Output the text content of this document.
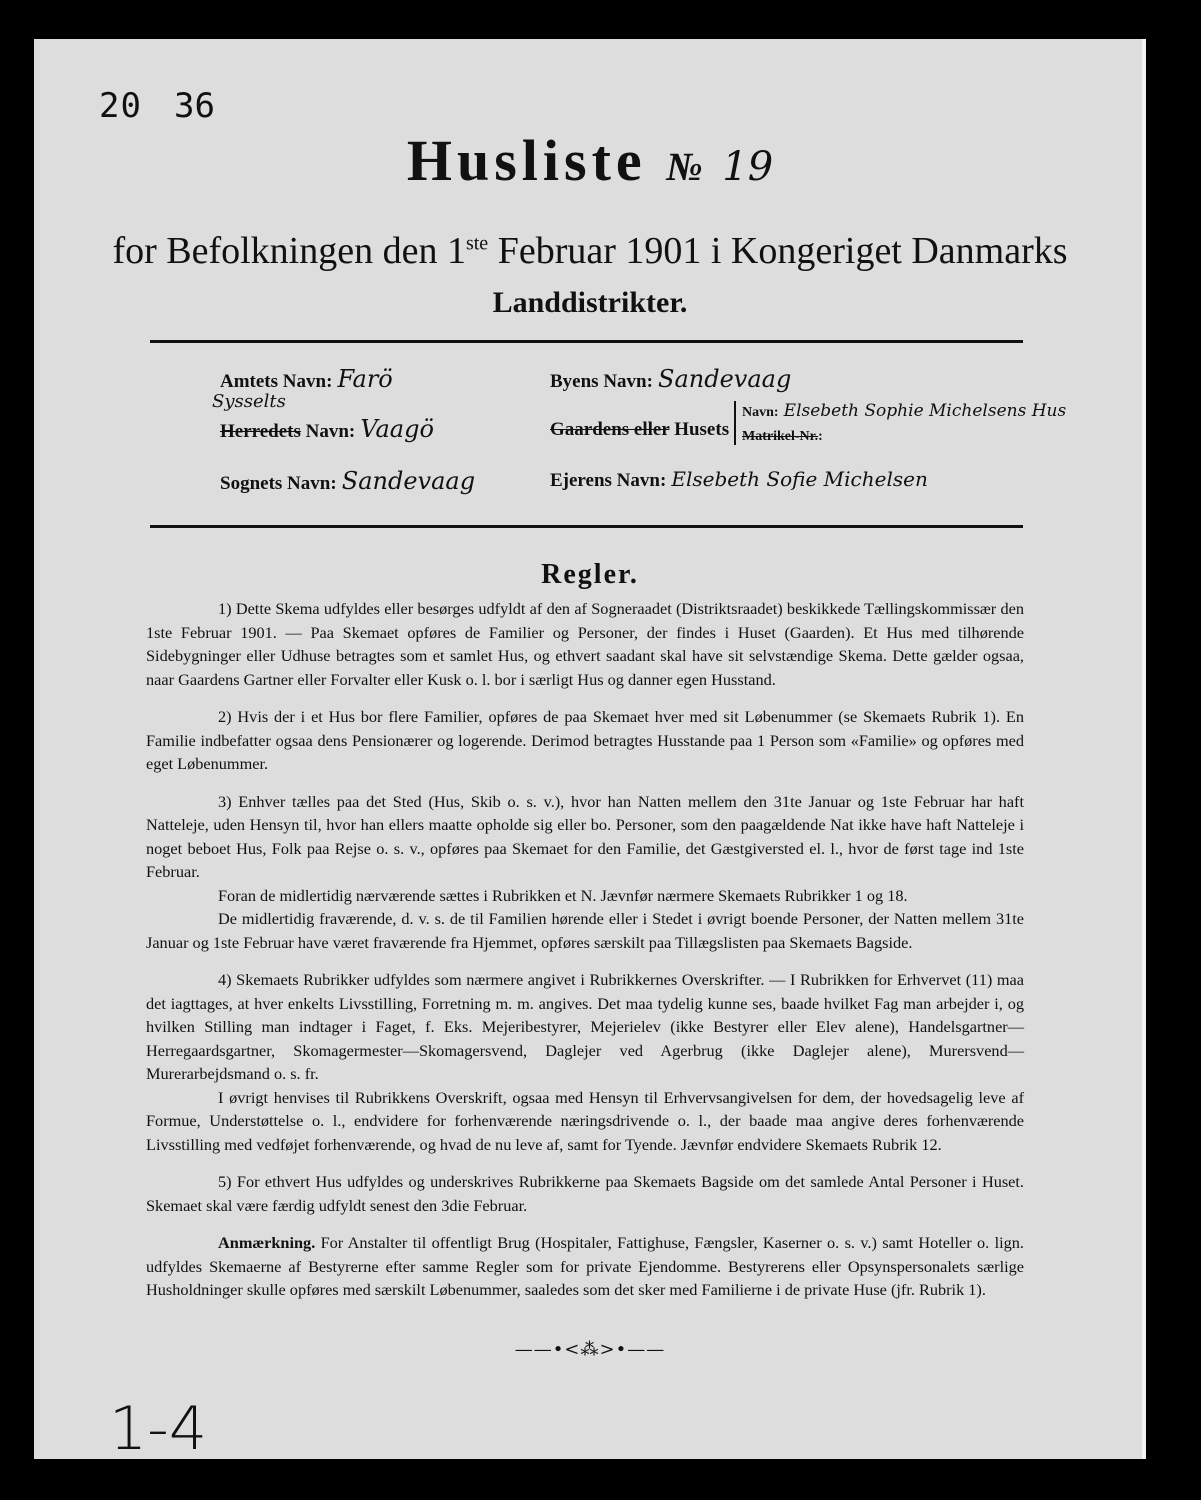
20 36
Husliste № 19
for Befolkningen den 1ste Februar 1901 i Kongeriget Danmarks
Landdistrikter.
Amtets Navn: Farö
Sysselts
Herredets Navn: Vaagö
Sognets Navn: Sandevaag
Byens Navn: Sandevaag
Gaardens eller Husets
Navn: Elsebeth Sophie Michelsens Hus
Matrikel-Nr.:
Ejerens Navn: Elsebeth Sofie Michelsen
Regler.

1) Dette Skema udfyldes eller besørges udfyldt af den af Sogneraadet (Distriktsraadet) beskikkede Tællingskommissær den 1ste Februar 1901. — Paa Skemaet opføres de Familier og Personer, der findes i Huset (Gaarden). Et Hus med tilhørende Sidebygninger eller Udhuse betragtes som et samlet Hus, og ethvert saadant skal have sit selvstændige Skema. Dette gælder ogsaa, naar Gaardens Gartner eller Forvalter eller Kusk o. l. bor i særligt Hus og danner egen Husstand.

2) Hvis der i et Hus bor flere Familier, opføres de paa Skemaet hver med sit Løbenummer (se Skemaets Rubrik 1). En Familie indbefatter ogsaa dens Pensionærer og logerende. Derimod betragtes Husstande paa 1 Person som «Familie» og opføres med eget Løbenummer.

3) Enhver tælles paa det Sted (Hus, Skib o. s. v.), hvor han Natten mellem den 31te Januar og 1ste Februar har haft Natteleje, uden Hensyn til, hvor han ellers maatte opholde sig eller bo. Personer, som den paagældende Nat ikke have haft Natteleje i noget beboet Hus, Folk paa Rejse o. s. v., opføres paa Skemaet for den Familie, det Gæstgiversted el. l., hvor de først tage ind 1ste Februar.

Foran de midlertidig nærværende sættes i Rubrikken et N. Jævnfør nærmere Skemaets Rubrikker 1 og 18.

De midlertidig fraværende, d. v. s. de til Familien hørende eller i Stedet i øvrigt boende Personer, der Natten mellem 31te Januar og 1ste Februar have været fraværende fra Hjemmet, opføres særskilt paa Tillægslisten paa Skemaets Bagside.

4) Skemaets Rubrikker udfyldes som nærmere angivet i Rubrikkernes Overskrifter. — I Rubrikken for Erhvervet (11) maa det iagttages, at hver enkelts Livsstilling, Forretning m. m. angives. Det maa tydelig kunne ses, baade hvilket Fag man arbejder i, og hvilken Stilling man indtager i Faget, f. Eks. Mejeribestyrer, Mejerielev (ikke Bestyrer eller Elev alene), Handelsgartner—Herregaardsgartner, Skomagermester—Skomagersvend, Daglejer ved Agerbrug (ikke Daglejer alene), Murersvend—Murerarbejdsmand o. s. fr.

I øvrigt henvises til Rubrikkens Overskrift, ogsaa med Hensyn til Erhvervsangivelsen for dem, der hovedsagelig leve af Formue, Understøttelse o. l., endvidere for forhenværende næringsdrivende o. l., der baade maa angive deres forhenværende Livsstilling med vedføjet forhenværende, og hvad de nu leve af, samt for Tyende. Jævnfør endvidere Skemaets Rubrik 12.

5) For ethvert Hus udfyldes og underskrives Rubrikkerne paa Skemaets Bagside om det samlede Antal Personer i Huset. Skemaet skal være færdig udfyldt senest den 3die Februar.

Anmærkning. For Anstalter til offentligt Brug (Hospitaler, Fattighuse, Fængsler, Kaserner o. s. v.) samt Hoteller o. lign. udfyldes Skemaerne af Bestyrerne efter samme Regler som for private Ejendomme. Bestyrerens eller Opsynspersonalets særlige Husholdninger skulle opføres med særskilt Løbenummer, saaledes som det sker med Familierne i de private Huse (jfr. Rubrik 1).

——•<⁂>•——
1-4
